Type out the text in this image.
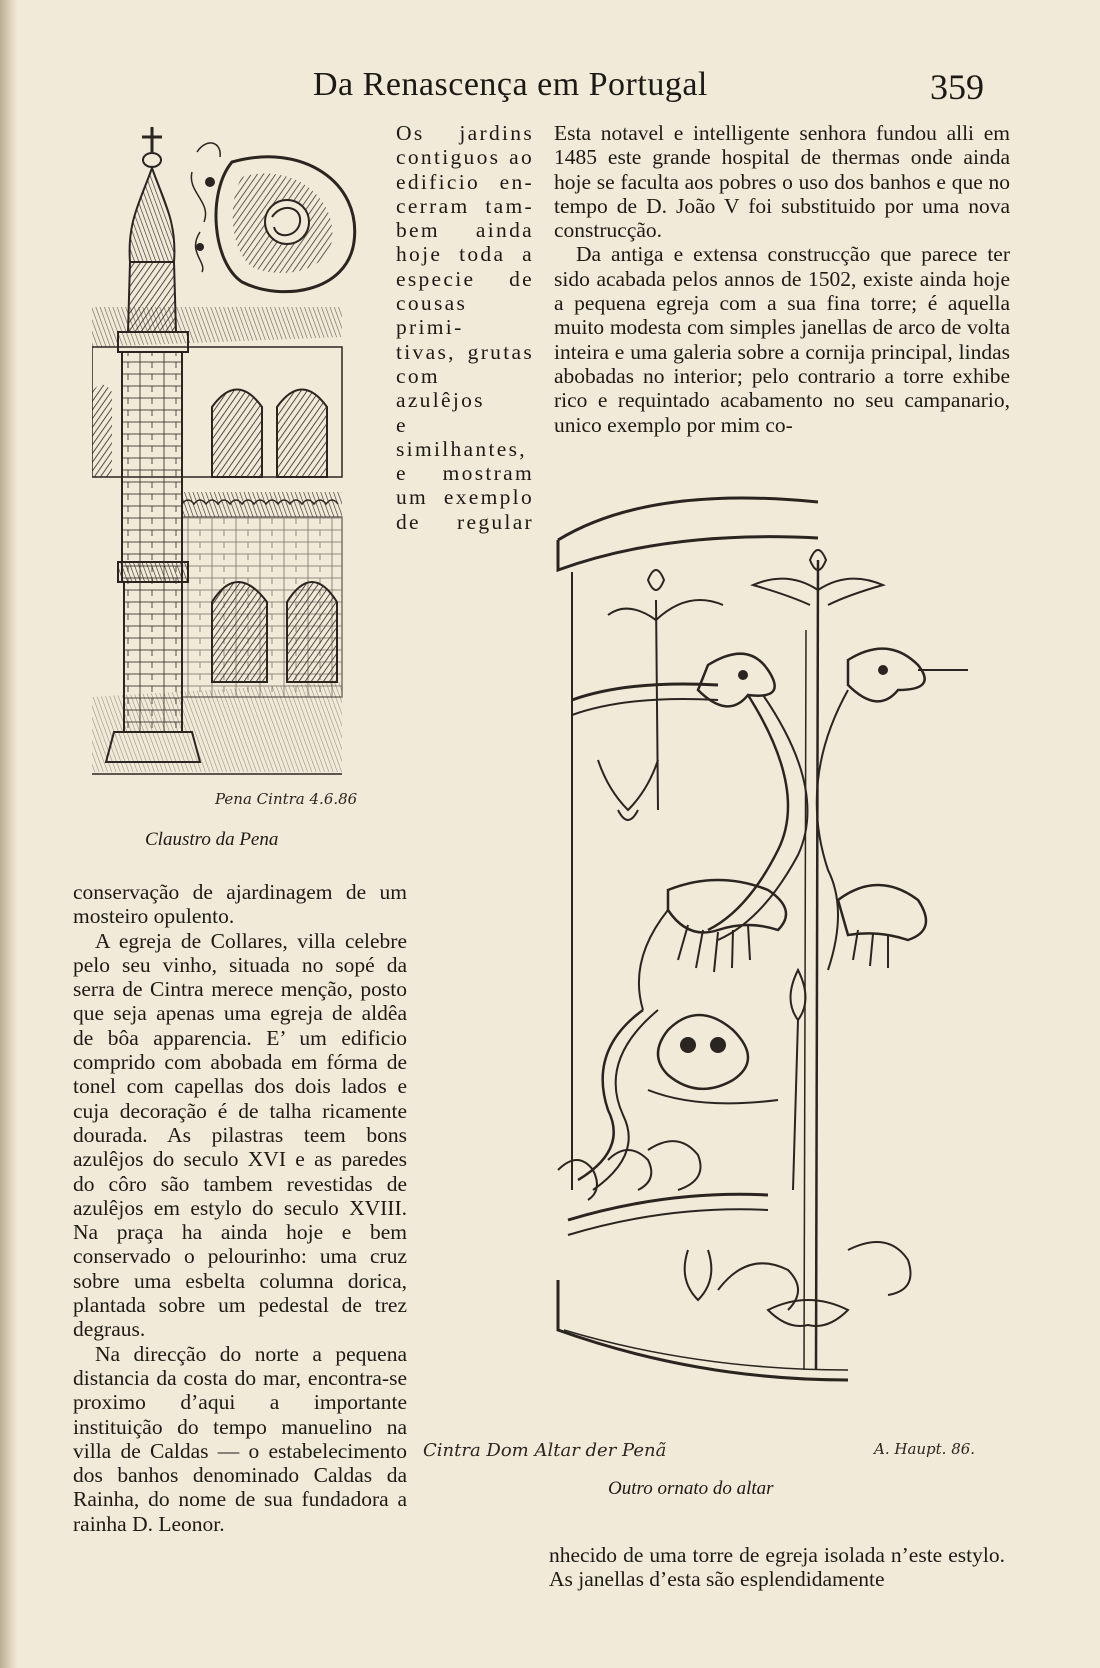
Da Renascença em Portugal	359
Pena Cintra 4.6.86
Claustro da Pena
Os jardins
contiguos ao
edificio en-
cerram tam-
bem ainda
hoje toda a
especie de
cousas primi-
tivas, grutas
com azulêjos
e similhantes,
e mostram
um exemplo
de regular

conservação de ajardinagem de um mosteiro opulento.

A egreja de Collares, villa celebre pelo seu vinho, situada no sopé da serra de Cintra merece menção, posto que seja apenas uma egreja de aldêa de bôa apparencia. E’ um edificio comprido com abobada em fórma de tonel com capellas dos dois lados e cuja decoração é de talha ricamente dourada. As pilastras teem bons azulêjos do seculo XVI e as paredes do côro são tambem revestidas de azulêjos em estylo do seculo XVIII. Na praça ha ainda hoje e bem conservado o pelourinho: uma cruz sobre uma esbelta columna dorica, plantada sobre um pedestal de trez degraus.

Na direcção do norte a pequena distancia da costa do mar, encontra-se proximo d’aqui a importante instituição do tempo manuelino na villa de Caldas — o estabelecimento dos banhos denominado Caldas da Rainha, do nome de sua fundadora a rainha D. Leonor.

Esta notavel e intelligente senhora fundou alli em 1485 este grande hospital de thermas onde ainda hoje se faculta aos pobres o uso dos banhos e que no tempo de D. João V foi substituido por uma nova construcção.

Da antiga e extensa construcção que parece ter sido acabada pelos annos de 1502, existe ainda hoje a pequena egreja com a sua fina torre; é aquella muito modesta com simples janellas de arco de volta inteira e uma galeria sobre a cornija principal, lindas abobadas no interior; pelo contrario a torre exhibe rico e requintado acabamento no seu campanario, unico exemplo por mim co-

Cintra Dom Altar der Penã	A. Haupt. 86.
Outro ornato do altar

nhecido de uma torre de egreja isolada n’este estylo. As janellas d’esta são esplendidamente
